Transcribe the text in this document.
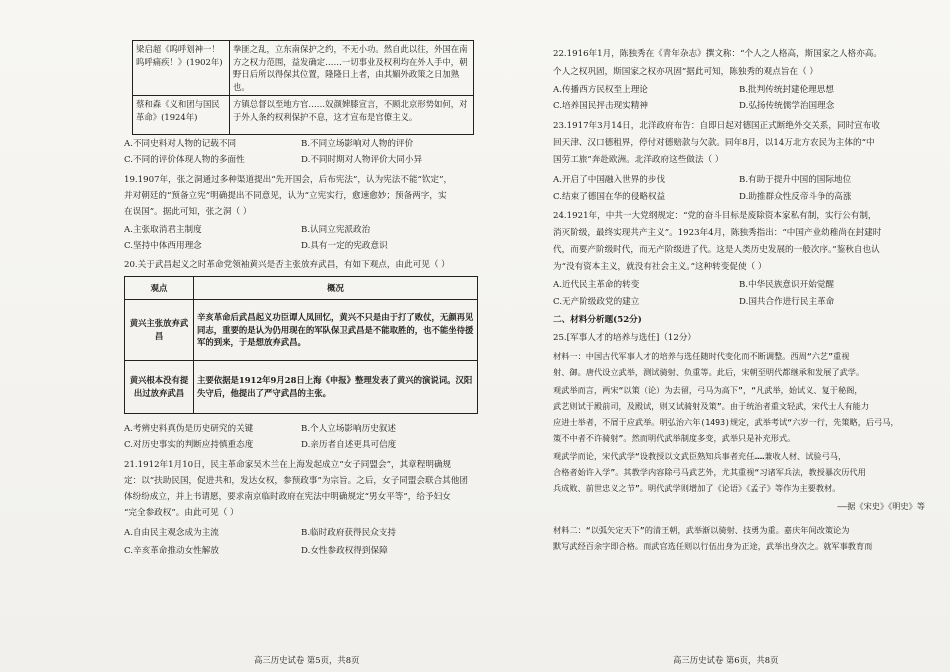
梁启超《呜呼划神一！呜呼痛疾！》(1902年)	拳匪之乱，立东南保护之约，不无小功。然自此以往，外国在南方之权力范围，益发确定……一切事业及权利均在外人手中，朝野日后所以得保其位置，隆隆日上者，由其媚外政策之日加熟也。
蔡和森《义和团与国民革命》(1924年)	方镇总督以至地方官……奴颜婢膝宣言，不顾北京形势如何，对于外人条约权利保护不息，这才宣布是官僚主义。
A.不同史料对人物的记载不同	B.不同立场影响对人物的评价
C.不同的评价体现人物的多面性	D.不同时期对人物评价大同小异
19.1907年，张之洞通过多种渠道提出“先开国会，后布宪法”，认为宪法不能“钦定”，
并对朝廷的“预备立宪”明确提出不同意见，认为“立宪实行，愈速愈妙；预备两字，实
在误国”。据此可知，张之洞（ ）
A.主张取消君主制度	B.认同立宪派政治
C.坚持中体西用理念	D.具有一定的宪政意识
20.关于武昌起义之时革命党领袖黄兴是否主张放弃武昌，有如下观点，由此可见（ ）
观点	概况
黄兴主张放弃武昌	辛亥革命后武昌起义功臣谭人凤回忆，黄兴不只是由于打了败仗，无颜再见同志，重要的是认为仍用现在的军队保卫武昌是不能取胜的，也不能坐待援军的到来，于是想放弃武昌。
黄兴根本没有提出过放弃武昌	主要依据是1912年9月28日上海《申报》整理发表了黄兴的演说词。汉阳失守后，他提出了严守武昌的主张。
A.考辨史料真伪是历史研究的关键	B.个人立场影响历史叙述
C.对历史事实的判断应持慎重态度	D.亲历者自述更具可信度
21.1912年1月10日，民主革命家吴木兰在上海发起成立“女子同盟会”，其章程明确规
定：以“扶助民国，促进共和，发达女权，参预政事”为宗旨。之后，女子同盟会联合其他团
体纷纷成立，并上书请愿，要求南京临时政府在宪法中明确规定“男女平等”，给予妇女
“完全参政权”。由此可见（ ）
A.自由民主观念成为主流	B.临时政府获得民众支持
C.辛亥革命推动女性解放	D.女性参政权得到保障
高三历史试卷 第5页，共8页
22.1916年1月，陈独秀在《青年杂志》撰文称：“个人之人格高，斯国家之人格亦高。
个人之权巩固，斯国家之权亦巩固”据此可知，陈独秀的观点旨在（ ）
A.传播西方民权至上理论	B.批判传统封建伦理思想
C.培养国民抨击现实精神	D.弘扬传统儒学治国理念
23.1917年3月14日，北洋政府布告：自即日起对德国正式断绝外交关系，同时宣布收
回天津、汉口德租界，停付对德赔款与欠款。同年8月，以14万北方农民为主体的“中
国劳工旅”奔赴欧洲。北洋政府这些做法（ ）
A.开启了中国融入世界的步伐	B.有助于提升中国的国际地位
C.结束了德国在华的侵略权益	D.助推群众性反帝斗争的高涨
24.1921年，中共一大党纲规定：“党的奋斗目标是废除资本家私有制，实行公有制，
消灭阶级，最终实现共产主义”。1923年4月，陈独秀指出：“中国产业幼稚尚在封建时
代，而要产阶级时代，而无产阶级进了代。这是人类历史发展的一般次序。”鉴秋自也认
为“没有资本主义，就没有社会主义。”这种转变促使（ ）
A.近代民主革命的转变	B.中华民族意识开始觉醒
C.无产阶级政党的建立	D.国共合作进行民主革命
二、材料分析题(52分)
25.[军事人才的培养与选任]（12分）
材料一：中国古代军事人才的培养与选任随时代变化而不断调整。西周“六艺”重视
射、御。唐代设立武举，测试骑射、负重等。此后，宋朝至明代都继承和发展了武学。
观武举而言，两宋“以策（论）为去留，弓马为高下”，“凡武举，始试义、复于秘阁，
武艺则试于殿前司，及殿试，则又试骑射及策”。由于统治者重文轻武，宋代士人有能力
应进士举者，不屑于应武举。明弘治六年(1493)规定，武举考试“六岁一行，先策略，后弓马，
策不中者不许骑射”。然而明代武举制度多变，武举只是补充形式。
观武学而论，宋代武学“设教授以文武臣熟知兵事者充任……兼收人材、试验弓马，
合格者始许入学”。其教学内容除弓马武艺外，尤其重视“习诸军兵法，教授暴次历代用
兵成败、前世忠义之节”。明代武学则增加了《论语》《孟子》等作为主要教材。
——据《宋史》《明史》等
材料二：“以弧矢定天下”的清王朝，武举渐以骑射、技勇为重。嘉庆年间改策论为
默写武经百余字即合格。而武官选任则以行伍出身为正途，武举出身次之。就军事教育而
高三历史试卷 第6页，共8页
